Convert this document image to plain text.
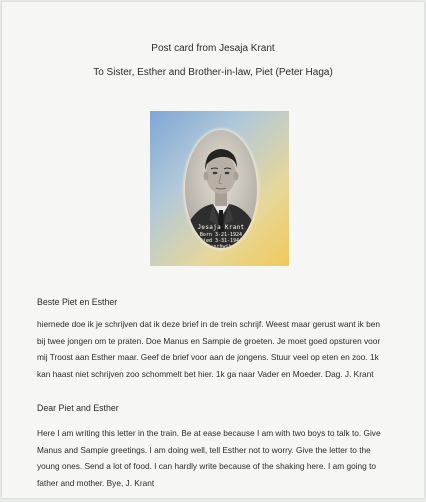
Post card from Jesaja Krant
To Sister, Esther and Brother-in-law, Piet (Peter Haga)
Jesaja Krant
Born 3-21-1924
Died 3-31-1944
Auschwitz
Beste Piet en Esther
hiernede doe ik je schrijven dat ik deze brief in de trein schrijf. Weest maar gerust want ik ben
bij twee jongen om te praten. Doe Manus en Sampie de groeten. Je moet goed opsturen voor
mij Troost aan Esther maar. Geef de brief voor aan de jongens. Stuur veel op eten en zoo. 1k
kan haast niet schrijven zoo schommelt bet hier. 1k ga naar Vader en Moeder. Dag. J. Krant
Dear Piet and Esther
Here I am writing this letter in the train. Be at ease because I am with two boys to talk to. Give
Manus and Sampie greetings. I am doing well, tell Esther not to worry. Give the letter to the
young ones. Send a lot of food. I can hardly write because of the shaking here. I am going to
father and mother. Bye, J. Krant
